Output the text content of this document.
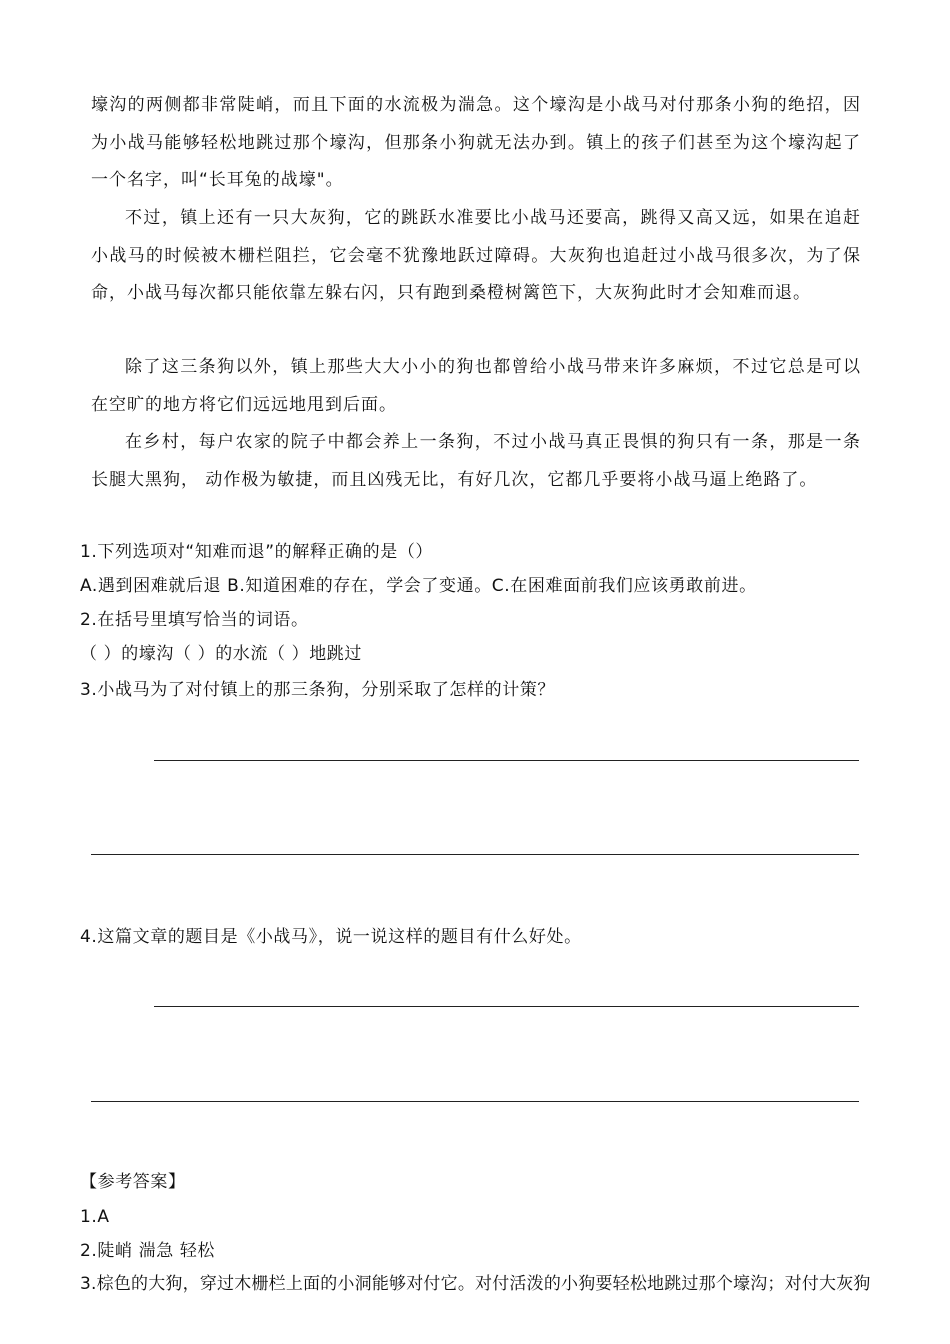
壕沟的两侧都非常陡峭，而且下面的水流极为湍急。这个壕沟是小战马对付那条小狗的绝招，因为小战马能够轻松地跳过那个壕沟，但那条小狗就无法办到。镇上的孩子们甚至为这个壕沟起了一个名字，叫“长耳兔的战壕"。
不过，镇上还有一只大灰狗，它的跳跃水准要比小战马还要高，跳得又高又远，如果在追赶小战马的时候被木栅栏阻拦，它会毫不犹豫地跃过障碍。大灰狗也追赶过小战马很多次，为了保命，小战马每次都只能依靠左躲右闪，只有跑到桑橙树篱笆下，大灰狗此时才会知难而退。
除了这三条狗以外，镇上那些大大小小的狗也都曾给小战马带来许多麻烦，不过它总是可以在空旷的地方将它们远远地甩到后面。
在乡村，每户农家的院子中都会养上一条狗，不过小战马真正畏惧的狗只有一条，那是一条长腿大黑狗， 动作极为敏捷，而且凶残无比，有好几次，它都几乎要将小战马逼上绝路了。
1.下列选项对“知难而退”的解释正确的是（）
A.遇到困难就后退 B.知道困难的存在，学会了变通。C.在困难面前我们应该勇敢前进。
2.在括号里填写恰当的词语。
（ ）的壕沟（ ）的水流（ ）地跳过
3.小战马为了对付镇上的那三条狗，分别采取了怎样的计策？
4.这篇文章的题目是《小战马》，说一说这样的题目有什么好处。
【参考答案】
1.A
2.陡峭 湍急 轻松
3.棕色的大狗，穿过木栅栏上面的小洞能够对付它。对付活泼的小狗要轻松地跳过那个壕沟；对付大灰狗
